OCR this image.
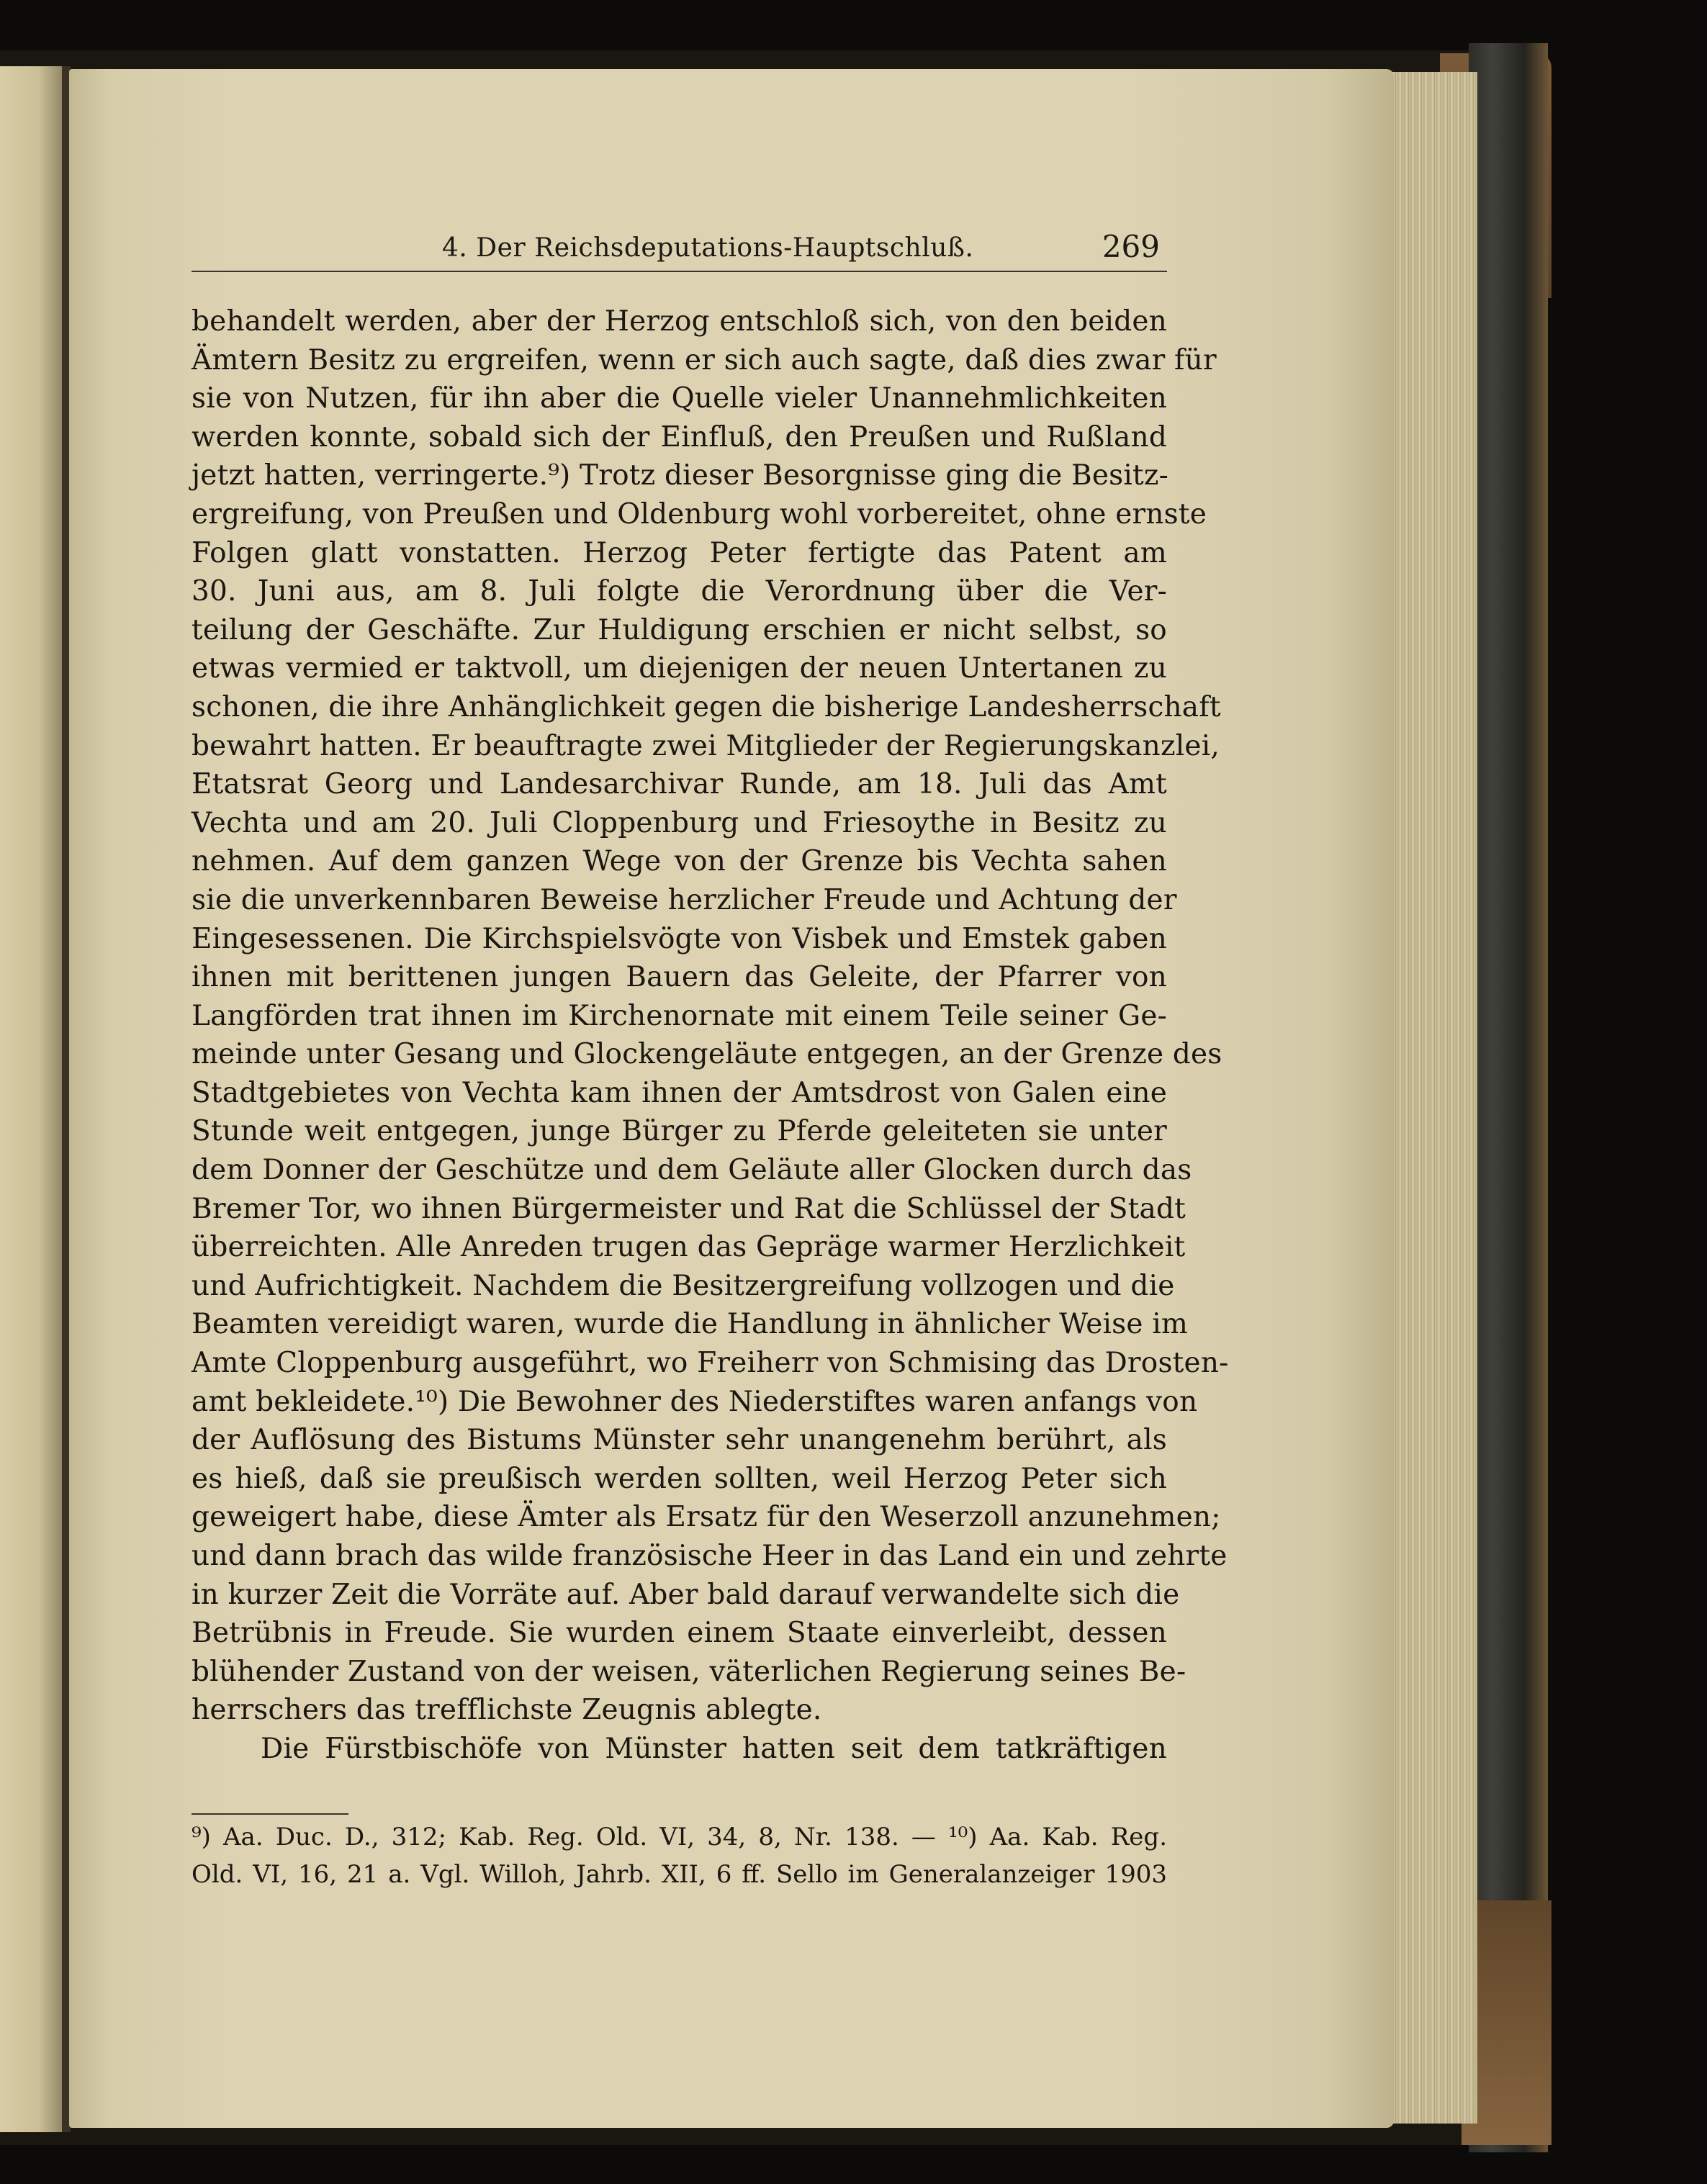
4. Der Reichsdeputations-Hauptschluß.	269
behandelt werden, aber der Herzog entschloß sich, von den beiden
Ämtern Besitz zu ergreifen, wenn er sich auch sagte, daß dies zwar für
sie von Nutzen, für ihn aber die Quelle vieler Unannehmlichkeiten
werden konnte, sobald sich der Einfluß, den Preußen und Rußland
jetzt hatten, verringerte.⁹) Trotz dieser Besorgnisse ging die Besitz-
ergreifung, von Preußen und Oldenburg wohl vorbereitet, ohne ernste
Folgen glatt vonstatten. Herzog Peter fertigte das Patent am
30. Juni aus, am 8. Juli folgte die Verordnung über die Ver-
teilung der Geschäfte. Zur Huldigung erschien er nicht selbst, so
etwas vermied er taktvoll, um diejenigen der neuen Untertanen zu
schonen, die ihre Anhänglichkeit gegen die bisherige Landesherrschaft
bewahrt hatten. Er beauftragte zwei Mitglieder der Regierungskanzlei,
Etatsrat Georg und Landesarchivar Runde, am 18. Juli das Amt
Vechta und am 20. Juli Cloppenburg und Friesoythe in Besitz zu
nehmen. Auf dem ganzen Wege von der Grenze bis Vechta sahen
sie die unverkennbaren Beweise herzlicher Freude und Achtung der
Eingesessenen. Die Kirchspielsvögte von Visbek und Emstek gaben
ihnen mit berittenen jungen Bauern das Geleite, der Pfarrer von
Langförden trat ihnen im Kirchenornate mit einem Teile seiner Ge-
meinde unter Gesang und Glockengeläute entgegen, an der Grenze des
Stadtgebietes von Vechta kam ihnen der Amtsdrost von Galen eine
Stunde weit entgegen, junge Bürger zu Pferde geleiteten sie unter
dem Donner der Geschütze und dem Geläute aller Glocken durch das
Bremer Tor, wo ihnen Bürgermeister und Rat die Schlüssel der Stadt
überreichten. Alle Anreden trugen das Gepräge warmer Herzlichkeit
und Aufrichtigkeit. Nachdem die Besitzergreifung vollzogen und die
Beamten vereidigt waren, wurde die Handlung in ähnlicher Weise im
Amte Cloppenburg ausgeführt, wo Freiherr von Schmising das Drosten-
amt bekleidete.¹⁰) Die Bewohner des Niederstiftes waren anfangs von
der Auflösung des Bistums Münster sehr unangenehm berührt, als
es hieß, daß sie preußisch werden sollten, weil Herzog Peter sich
geweigert habe, diese Ämter als Ersatz für den Weserzoll anzunehmen;
und dann brach das wilde französische Heer in das Land ein und zehrte
in kurzer Zeit die Vorräte auf. Aber bald darauf verwandelte sich die
Betrübnis in Freude. Sie wurden einem Staate einverleibt, dessen
blühender Zustand von der weisen, väterlichen Regierung seines Be-
herrschers das trefflichste Zeugnis ablegte.
Die Fürstbischöfe von Münster hatten seit dem tatkräftigen
⁹) Aa. Duc. D., 312; Kab. Reg. Old. VI, 34, 8, Nr. 138. — ¹⁰) Aa. Kab. Reg.
Old. VI, 16, 21 a. Vgl. Willoh, Jahrb. XII, 6 ff. Sello im Generalanzeiger 1903
